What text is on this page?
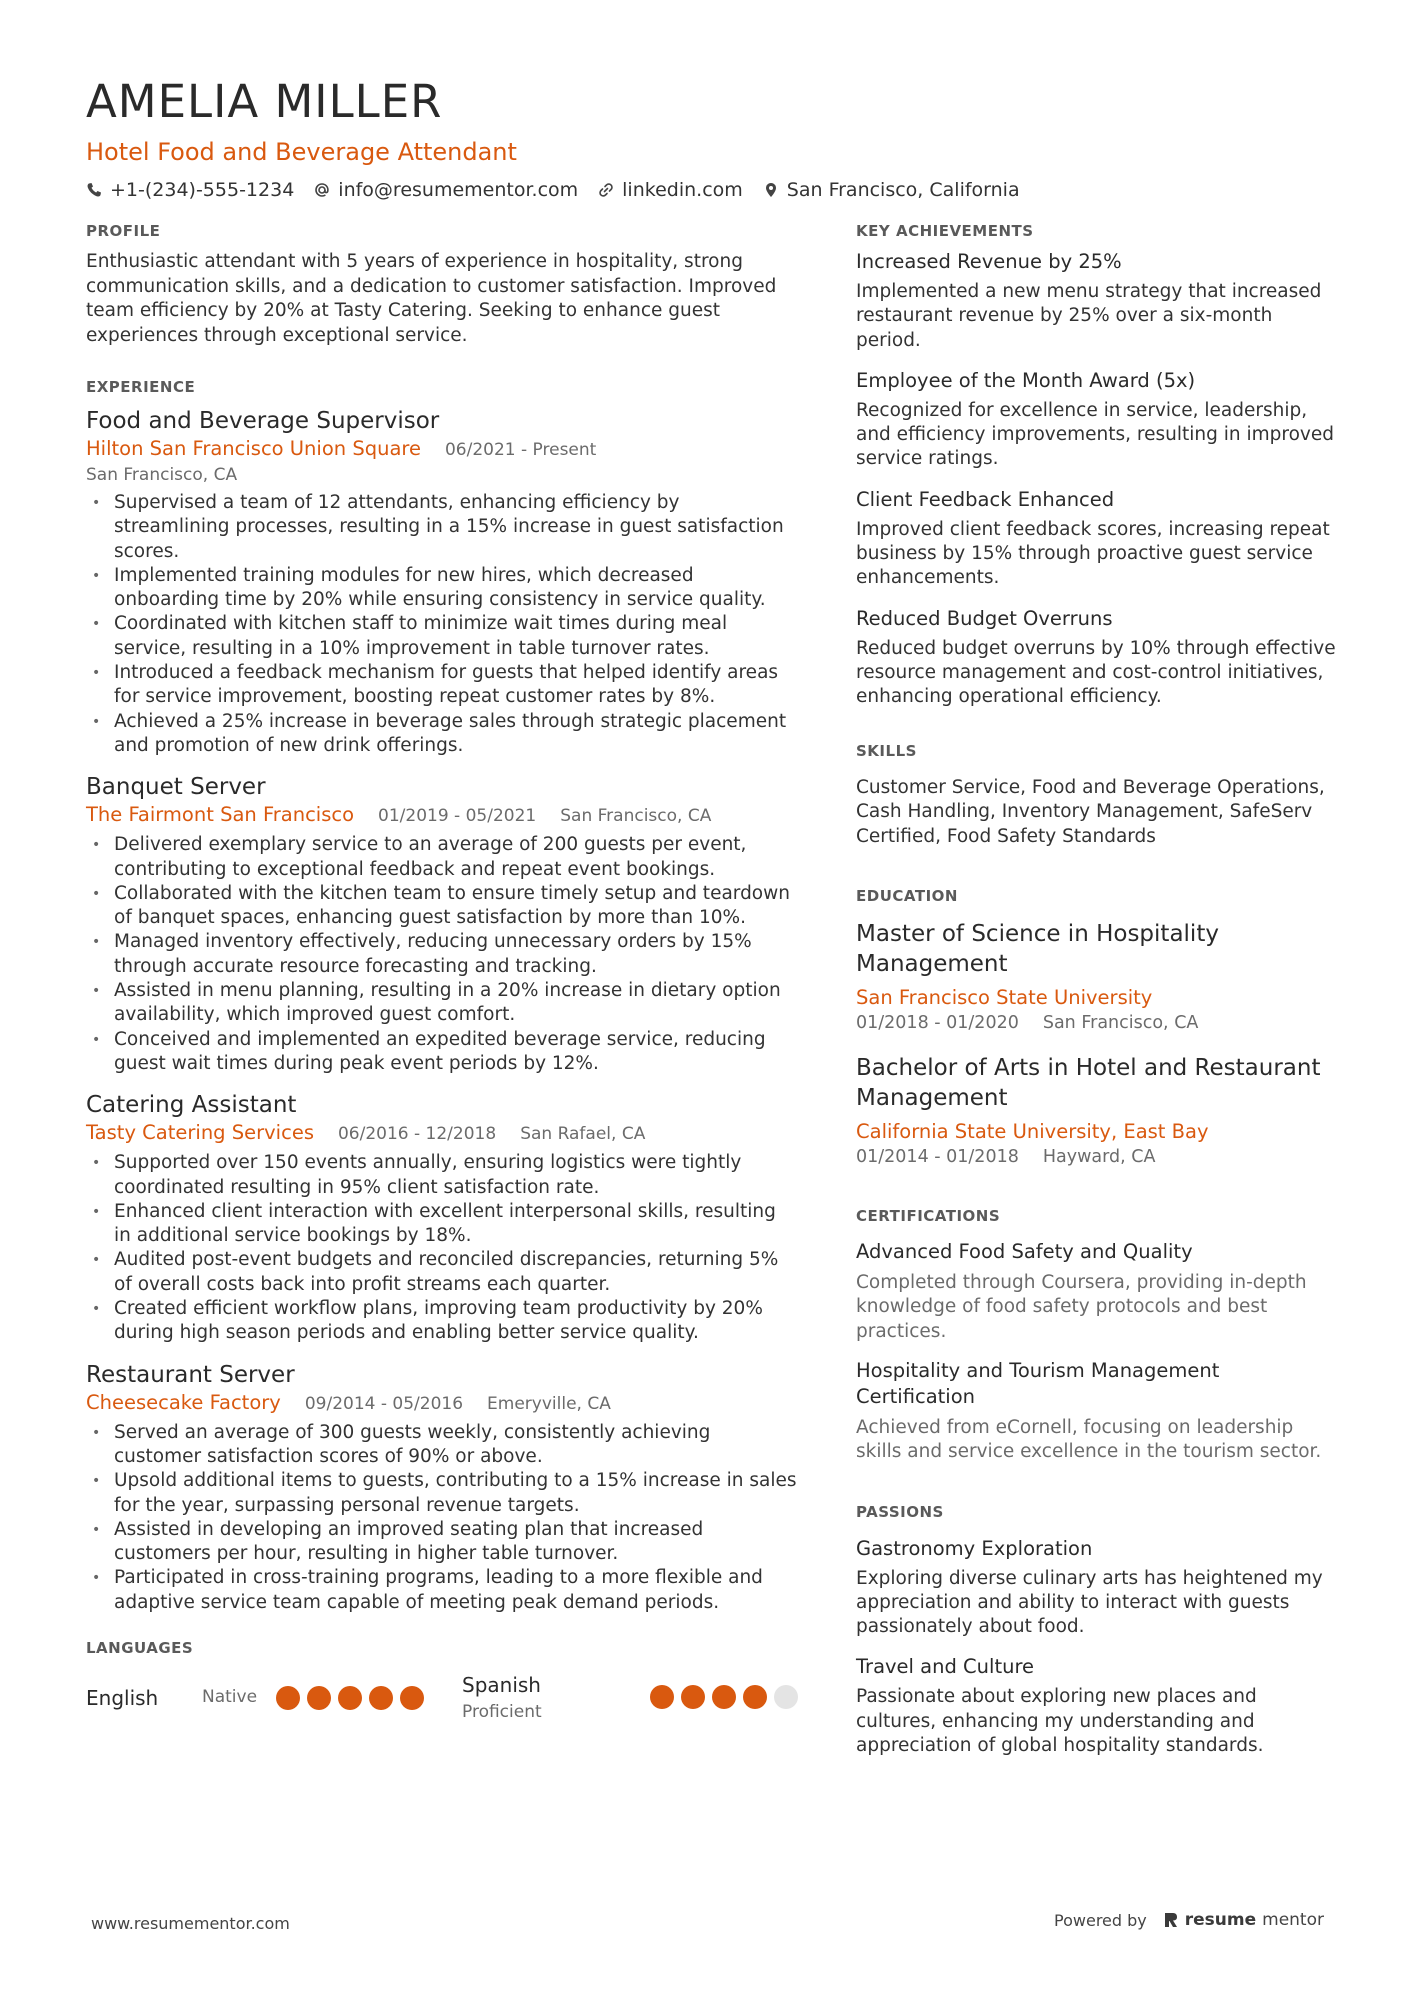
AMELIA MILLER
Hotel Food and Beverage Attendant
+1-(234)-555-1234 info@resumementor.com linkedin.com San Francisco, California
PROFILE

Enthusiastic attendant with 5 years of experience in hospitality, strong communication skills, and a dedication to customer satisfaction. Improved team efficiency by 20% at Tasty Catering. Seeking to enhance guest experiences through exceptional service.

EXPERIENCE
Food and Beverage Supervisor
Hilton San Francisco Union Square 06/2021 - Present
San Francisco, CA
• Supervised a team of 12 attendants, enhancing efficiency by streamlining processes, resulting in a 15% increase in guest satisfaction scores.
• Implemented training modules for new hires, which decreased onboarding time by 20% while ensuring consistency in service quality.
• Coordinated with kitchen staff to minimize wait times during meal service, resulting in a 10% improvement in table turnover rates.
• Introduced a feedback mechanism for guests that helped identify areas for service improvement, boosting repeat customer rates by 8%.
• Achieved a 25% increase in beverage sales through strategic placement and promotion of new drink offerings.
Banquet Server
The Fairmont San Francisco 01/2019 - 05/2021 San Francisco, CA
• Delivered exemplary service to an average of 200 guests per event, contributing to exceptional feedback and repeat event bookings.
• Collaborated with the kitchen team to ensure timely setup and teardown of banquet spaces, enhancing guest satisfaction by more than 10%.
• Managed inventory effectively, reducing unnecessary orders by 15% through accurate resource forecasting and tracking.
• Assisted in menu planning, resulting in a 20% increase in dietary option availability, which improved guest comfort.
• Conceived and implemented an expedited beverage service, reducing guest wait times during peak event periods by 12%.
Catering Assistant
Tasty Catering Services 06/2016 - 12/2018 San Rafael, CA
• Supported over 150 events annually, ensuring logistics were tightly coordinated resulting in 95% client satisfaction rate.
• Enhanced client interaction with excellent interpersonal skills, resulting in additional service bookings by 18%.
• Audited post-event budgets and reconciled discrepancies, returning 5% of overall costs back into profit streams each quarter.
• Created efficient workflow plans, improving team productivity by 20% during high season periods and enabling better service quality.
Restaurant Server
Cheesecake Factory 09/2014 - 05/2016 Emeryville, CA
• Served an average of 300 guests weekly, consistently achieving customer satisfaction scores of 90% or above.
• Upsold additional items to guests, contributing to a 15% increase in sales for the year, surpassing personal revenue targets.
• Assisted in developing an improved seating plan that increased customers per hour, resulting in higher table turnover.
• Participated in cross-training programs, leading to a more flexible and adaptive service team capable of meeting peak demand periods.
LANGUAGES
English	Native	Spanish
Proficient
KEY ACHIEVEMENTS
Increased Revenue by 25%
Implemented a new menu strategy that increased restaurant revenue by 25% over a six-month period.
Employee of the Month Award (5x)
Recognized for excellence in service, leadership, and efficiency improvements, resulting in improved service ratings.
Client Feedback Enhanced
Improved client feedback scores, increasing repeat business by 15% through proactive guest service enhancements.
Reduced Budget Overruns
Reduced budget overruns by 10% through effective resource management and cost-control initiatives, enhancing operational efficiency.
SKILLS

Customer Service, Food and Beverage Operations, Cash Handling, Inventory Management, SafeServ Certified, Food Safety Standards

EDUCATION
Master of Science in Hospitality Management
San Francisco State University
01/2018 - 01/2020 San Francisco, CA
Bachelor of Arts in Hotel and Restaurant Management
California State University, East Bay
01/2014 - 01/2018 Hayward, CA
CERTIFICATIONS
Advanced Food Safety and Quality
Completed through Coursera, providing in-depth knowledge of food safety protocols and best practices.
Hospitality and Tourism Management Certification
Achieved from eCornell, focusing on leadership skills and service excellence in the tourism sector.
PASSIONS
Gastronomy Exploration
Exploring diverse culinary arts has heightened my appreciation and ability to interact with guests passionately about food.
Travel and Culture
Passionate about exploring new places and cultures, enhancing my understanding and appreciation of global hospitality standards.
www.resumementor.com	Powered by resume mentor
